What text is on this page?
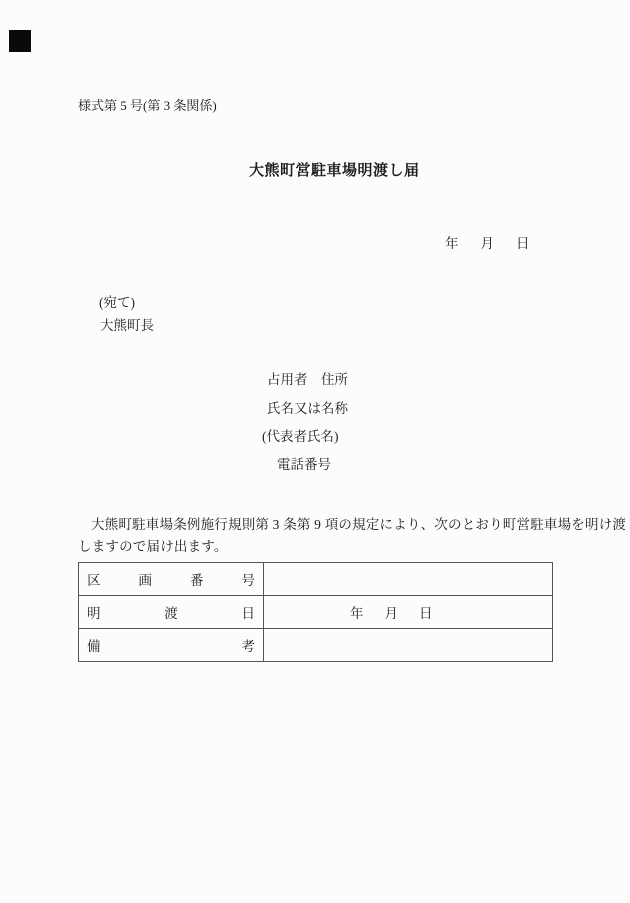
様式第 5 号(第 3 条関係)
大熊町営駐車場明渡し届
年 月 日
(宛て)
大熊町長
占用者　住所
氏名又は名称
(代表者氏名)
電話番号
大熊町駐車場条例施行規則第 3 条第 9 項の規定により、次のとおり町営駐車場を明け渡
しますので届け出ます。
区 画 番 号	

明 渡 日	年 月 日

備 考	
